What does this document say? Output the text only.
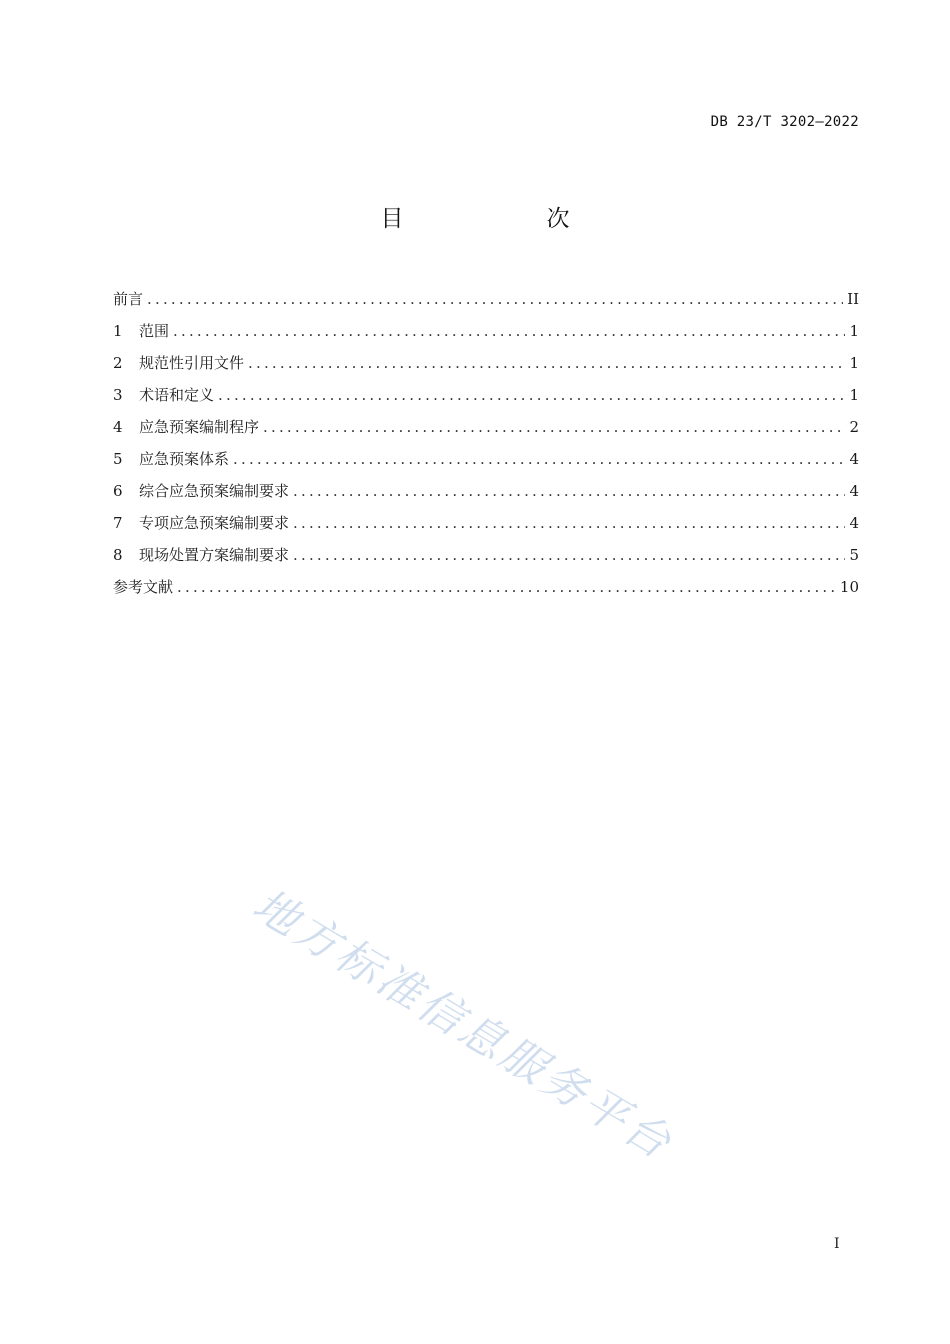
DB 23/T 3202—2022
目　次
前言 .....	II
1	范围 .....	1
2	规范性引用文件 .....	1
3	术语和定义 .....	1
4	应急预案编制程序 .....	2
5	应急预案体系 .....	4
6	综合应急预案编制要求 .....	4
7	专项应急预案编制要求 .....	4
8	现场处置方案编制要求 .....	5
参考文献 .....	10
地方标准信息服务平台
I
